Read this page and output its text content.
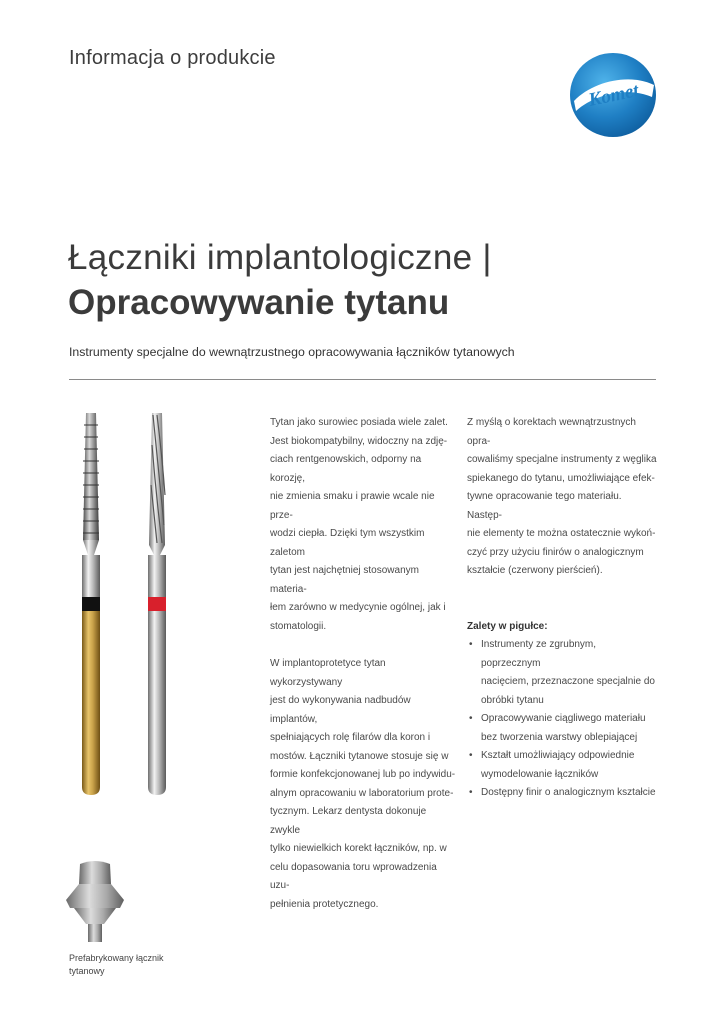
Informacja o produkcie
Komet
Łączniki implantologiczne |
Opracowywanie tytanu
Instrumenty specjalne do wewnątrzustnego opracowywania łączników tytanowych

Tytan jako surowiec posiada wiele zalet.
Jest biokompatybilny, widoczny na zdję-
ciach rentgenowskich, odporny na korozję,
nie zmienia smaku i prawie wcale nie prze-
wodzi ciepła. Dzięki tym wszystkim zaletom
tytan jest najchętniej stosowanym materia-
łem zarówno w medycynie ogólnej, jak i
stomatologii.

W implantoprotetyce tytan wykorzystywany
jest do wykonywania nadbudów implantów,
spełniających rolę filarów dla koron i
mostów. Łączniki tytanowe stosuje się w
formie konfekcjonowanej lub po indywidu-
alnym opracowaniu w laboratorium prote-
tycznym. Lekarz dentysta dokonuje zwykle
tylko niewielkich korekt łączników, np. w
celu dopasowania toru wprowadzenia uzu-
pełnienia protetycznego.

Z myślą o korektach wewnątrzustnych opra-
cowaliśmy specjalne instrumenty z węglika
spiekanego do tytanu, umożliwiające efek-
tywne opracowanie tego materiału. Następ-
nie elementy te można ostatecznie wykoń-
czyć przy użyciu finirów o analogicznym
kształcie (czerwony pierścień).

Zalety w pigułce:

• Instrumenty ze zgrubnym, poprzecznym
nacięciem, przeznaczone specjalnie do
obróbki tytanu
• Opracowywanie ciągliwego materiału
bez tworzenia warstwy oblepiającej
• Kształt umożliwiający odpowiednie
wymodelowanie łączników
• Dostępny finir o analogicznym kształcie
Prefabrykowany łącznik
tytanowy
